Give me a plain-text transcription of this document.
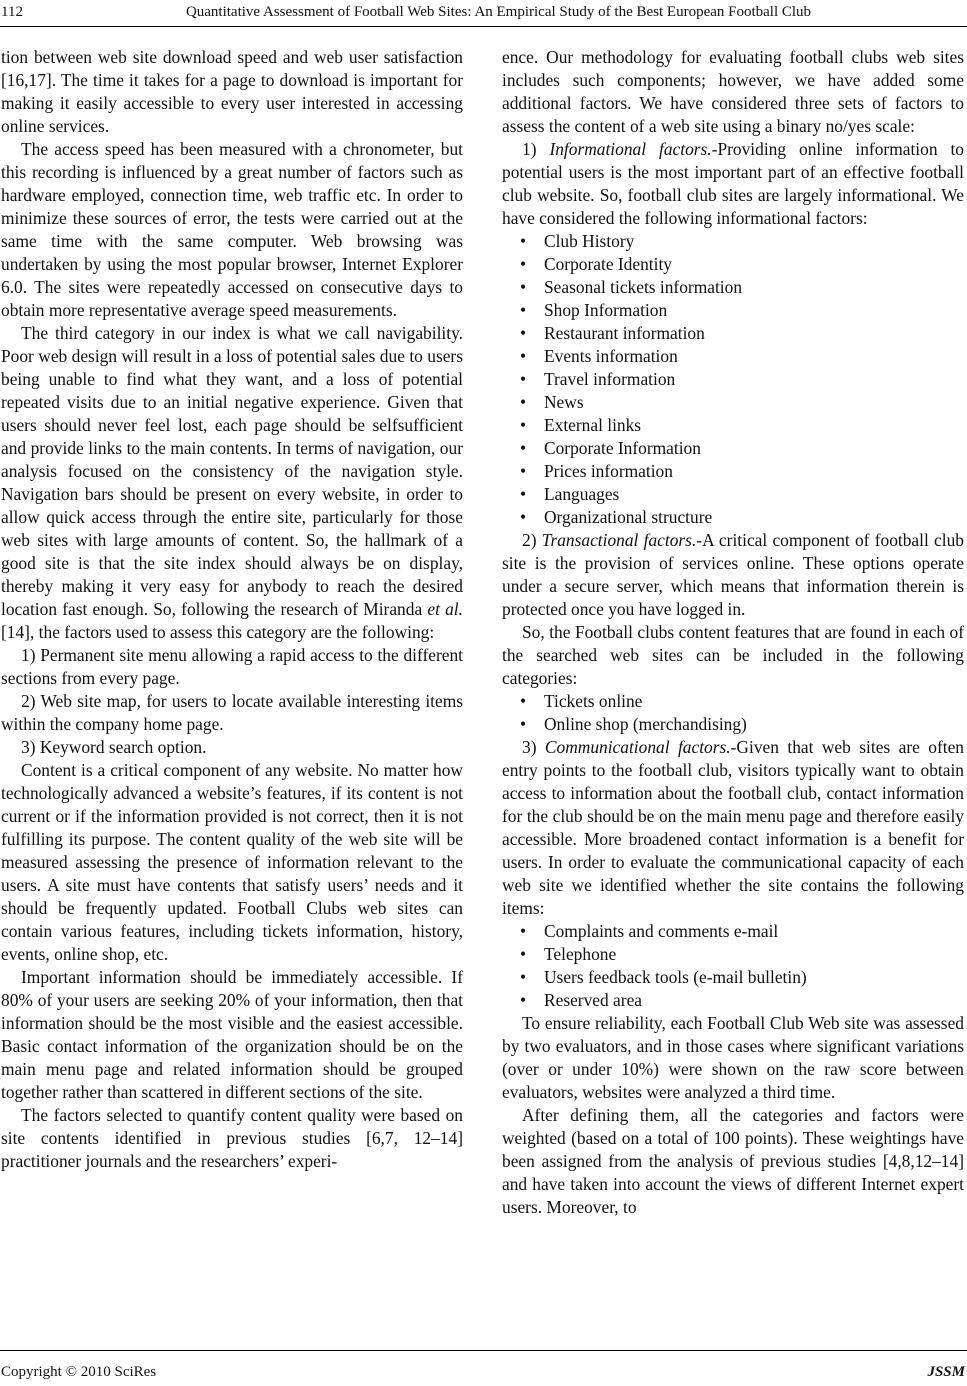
112	Quantitative Assessment of Football Web Sites: An Empirical Study of the Best European Football Club

tion between web site download speed and web user satisfaction [16,17]. The time it takes for a page to download is important for making it easily accessible to every user interested in accessing online services.

The access speed has been measured with a chronometer, but this recording is influenced by a great number of factors such as hardware employed, connection time, web traffic etc. In order to minimize these sources of error, the tests were carried out at the same time with the same computer. Web browsing was undertaken by using the most popular browser, Internet Explorer 6.0. The sites were repeatedly accessed on consecutive days to obtain more representative average speed measurements.

The third category in our index is what we call navigability. Poor web design will result in a loss of potential sales due to users being unable to find what they want, and a loss of potential repeated visits due to an initial negative experience. Given that users should never feel lost, each page should be selfsufficient and provide links to the main contents. In terms of navigation, our analysis focused on the consistency of the navigation style. Navigation bars should be present on every website, in order to allow quick access through the entire site, particularly for those web sites with large amounts of content. So, the hallmark of a good site is that the site index should always be on display, thereby making it very easy for anybody to reach the desired location fast enough. So, following the research of Miranda et al. [14], the factors used to assess this category are the following:

1) Permanent site menu allowing a rapid access to the different sections from every page.

2) Web site map, for users to locate available interesting items within the company home page.

3) Keyword search option.

Content is a critical component of any website. No matter how technologically advanced a website’s features, if its content is not current or if the information provided is not correct, then it is not fulfilling its purpose. The content quality of the web site will be measured assessing the presence of information relevant to the users. A site must have contents that satisfy users’ needs and it should be frequently updated. Football Clubs web sites can contain various features, including tickets information, history, events, online shop, etc.

Important information should be immediately accessible. If 80% of your users are seeking 20% of your information, then that information should be the most visible and the easiest accessible. Basic contact information of the organization should be on the main menu page and related information should be grouped together rather than scattered in different sections of the site.

The factors selected to quantify content quality were based on site contents identified in previous studies [6,7, 12–14] practitioner journals and the researchers’ experi-

ence. Our methodology for evaluating football clubs web sites includes such components; however, we have added some additional factors. We have considered three sets of factors to assess the content of a web site using a binary no/yes scale:

1) Informational factors.-Providing online information to potential users is the most important part of an effective football club website. So, football club sites are largely informational. We have considered the following informational factors:

• Club History
• Corporate Identity
• Seasonal tickets information
• Shop Information
• Restaurant information
• Events information
• Travel information
• News
• External links
• Corporate Information
• Prices information
• Languages
• Organizational structure

2) Transactional factors.-A critical component of football club site is the provision of services online. These options operate under a secure server, which means that information therein is protected once you have logged in.

So, the Football clubs content features that are found in each of the searched web sites can be included in the following categories:

• Tickets online
• Online shop (merchandising)

3) Communicational factors.-Given that web sites are often entry points to the football club, visitors typically want to obtain access to information about the football club, contact information for the club should be on the main menu page and therefore easily accessible. More broadened contact information is a benefit for users. In order to evaluate the communicational capacity of each web site we identified whether the site contains the following items:

• Complaints and comments e-mail
• Telephone
• Users feedback tools (e-mail bulletin)
• Reserved area

To ensure reliability, each Football Club Web site was assessed by two evaluators, and in those cases where significant variations (over or under 10%) were shown on the raw score between evaluators, websites were analyzed a third time.

After defining them, all the categories and factors were weighted (based on a total of 100 points). These weightings have been assigned from the analysis of previous studies [4,8,12–14] and have taken into account the views of different Internet expert users. Moreover, to

Copyright © 2010 SciRes	JSSM
